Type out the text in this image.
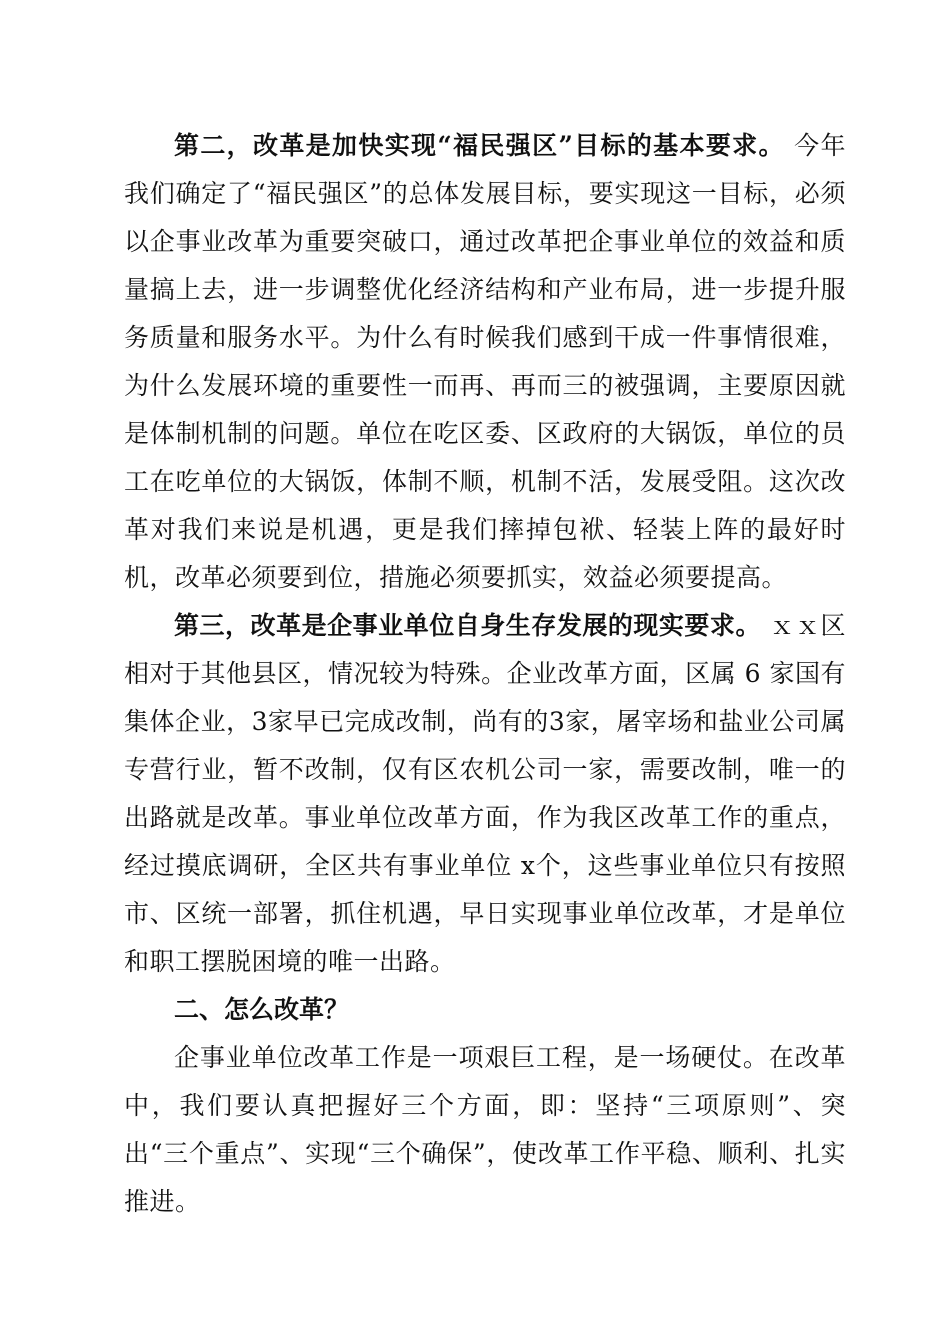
第二，改革是加快实现“福民强区”目标的基本要求。 今年我们确定了“福民强区”的总体发展目标，要实现这一目标，必须以企事业改革为重要突破口，通过改革把企事业单位的效益和质量搞上去，进一步调整优化经济结构和产业布局，进一步提升服务质量和服务水平。为什么有时候我们感到干成一件事情很难，为什么发展环境的重要性一而再、再而三的被强调，主要原因就是体制机制的问题。单位在吃区委、区政府的大锅饭，单位的员工在吃单位的大锅饭，体制不顺，机制不活，发展受阻。这次改革对我们来说是机遇，更是我们摔掉包袱、轻装上阵的最好时机，改革必须要到位，措施必须要抓实，效益必须要提高。

第三，改革是企事业单位自身生存发展的现实要求。 ｘｘ区相对于其他县区，情况较为特殊。企业改革方面，区属 6 家国有集体企业，3家早已完成改制，尚有的3家，屠宰场和盐业公司属专营行业，暂不改制，仅有区农机公司一家，需要改制，唯一的出路就是改革。事业单位改革方面，作为我区改革工作的重点，经过摸底调研，全区共有事业单位 x个，这些事业单位只有按照市、区统一部署，抓住机遇，早日实现事业单位改革，才是单位和职工摆脱困境的唯一出路。

二、怎么改革？

企事业单位改革工作是一项艰巨工程，是一场硬仗。在改革中，我们要认真把握好三个方面，即：坚持“三项原则”、突出“三个重点”、实现“三个确保”，使改革工作平稳、顺利、扎实推进。
